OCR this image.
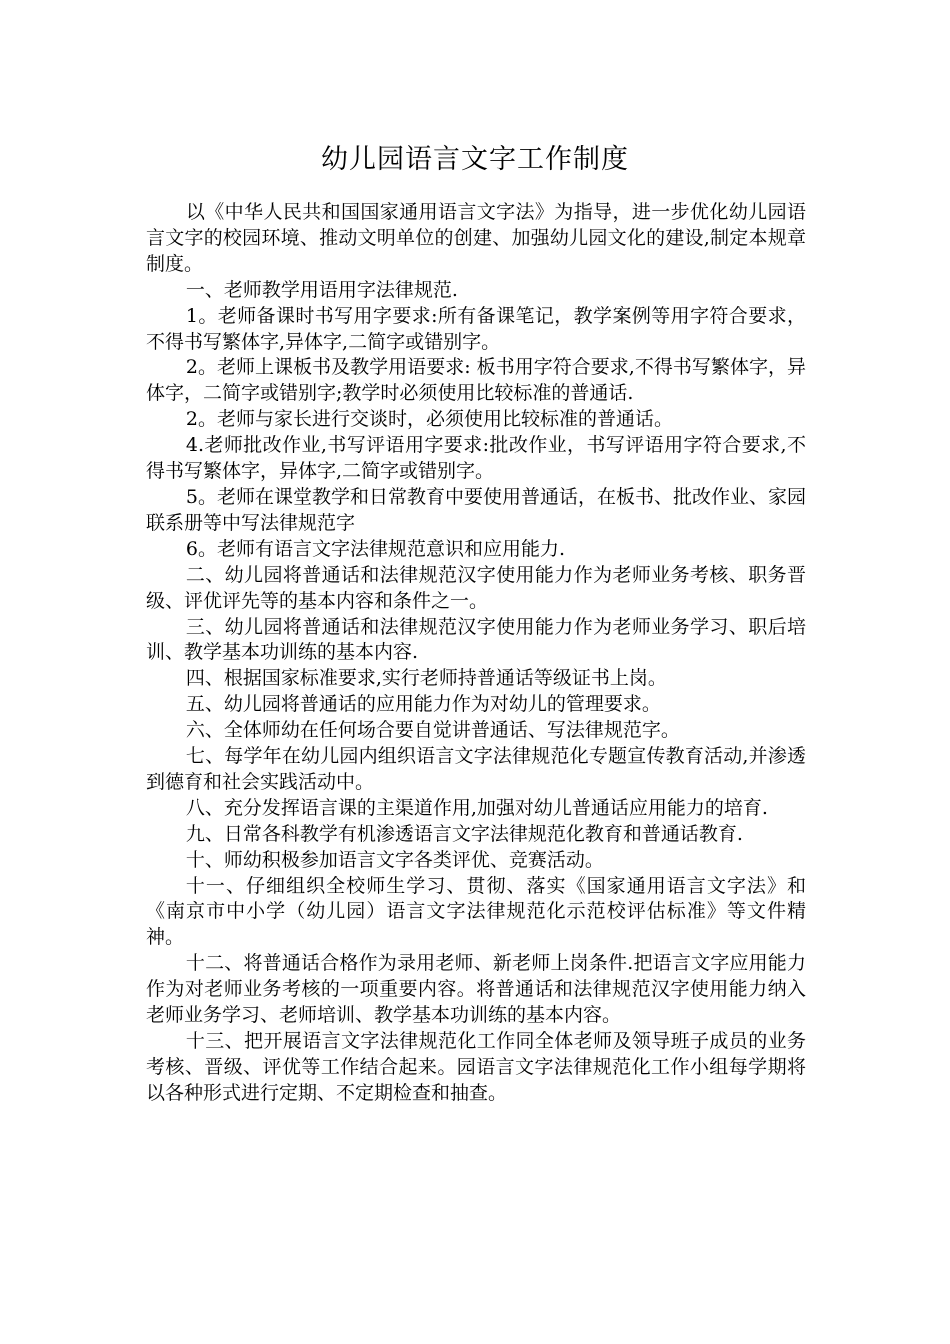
幼儿园语言文字工作制度

以《中华人民共和国国家通用语言文字法》为指导，进一步优化幼儿园语言文字的校园环境、推动文明单位的创建、加强幼儿园文化的建设,制定本规章制度。

一、老师教学用语用字法律规范.

1。老师备课时书写用字要求:所有备课笔记，教学案例等用字符合要求，不得书写繁体字,异体字,二简字或错别字。

2。老师上课板书及教学用语要求: 板书用字符合要求,不得书写繁体字，异体字，二简字或错别字;教学时必须使用比较标准的普通话.

2。老师与家长进行交谈时，必须使用比较标准的普通话。

4.老师批改作业,书写评语用字要求:批改作业，书写评语用字符合要求,不得书写繁体字，异体字,二简字或错别字。

5。老师在课堂教学和日常教育中要使用普通话，在板书、批改作业、家园联系册等中写法律规范字

6。老师有语言文字法律规范意识和应用能力.

二、幼儿园将普通话和法律规范汉字使用能力作为老师业务考核、职务晋级、评优评先等的基本内容和条件之一。

三、幼儿园将普通话和法律规范汉字使用能力作为老师业务学习、职后培训、教学基本功训练的基本内容.

四、根据国家标准要求,实行老师持普通话等级证书上岗。

五、幼儿园将普通话的应用能力作为对幼儿的管理要求。

六、全体师幼在任何场合要自觉讲普通话、写法律规范字。

七、每学年在幼儿园内组织语言文字法律规范化专题宣传教育活动,并渗透到德育和社会实践活动中。

八、充分发挥语言课的主渠道作用,加强对幼儿普通话应用能力的培育.

九、日常各科教学有机渗透语言文字法律规范化教育和普通话教育.

十、师幼积极参加语言文字各类评优、竞赛活动。

十一、仔细组织全校师生学习、贯彻、落实《国家通用语言文字法》和《南京市中小学（幼儿园）语言文字法律规范化示范校评估标准》等文件精神。

十二、将普通话合格作为录用老师、新老师上岗条件.把语言文字应用能力作为对老师业务考核的一项重要内容。将普通话和法律规范汉字使用能力纳入老师业务学习、老师培训、教学基本功训练的基本内容。

十三、把开展语言文字法律规范化工作同全体老师及领导班子成员的业务考核、晋级、评优等工作结合起来。园语言文字法律规范化工作小组每学期将以各种形式进行定期、不定期检查和抽查。
